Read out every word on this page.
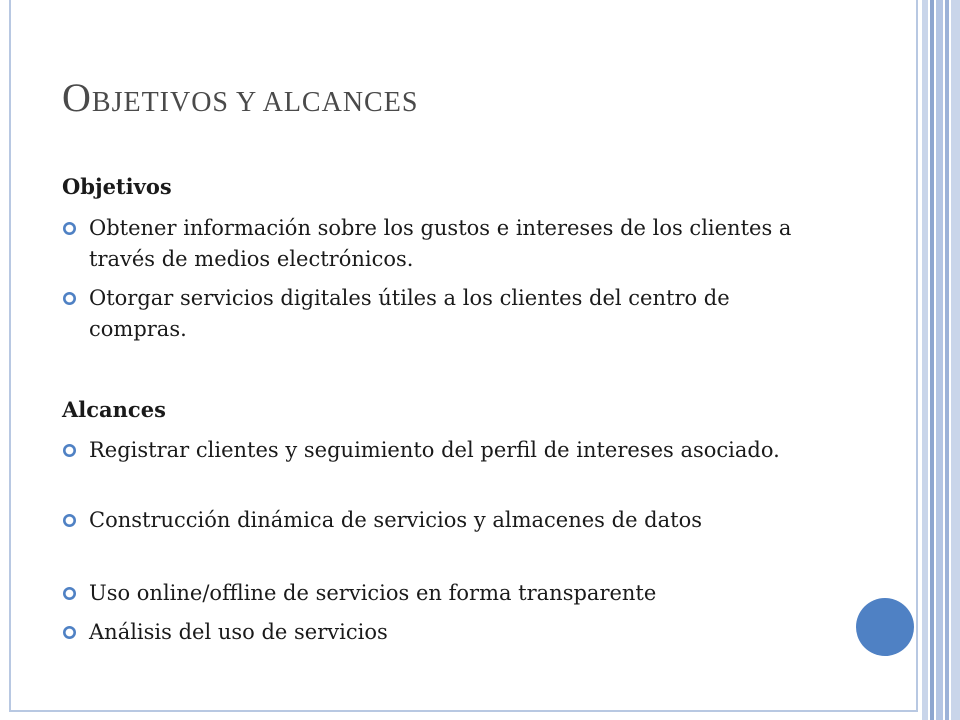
OBJETIVOS Y ALCANCES
Objetivos
Obtener información sobre los gustos e intereses de los clientes a través de medios electrónicos.
Otorgar servicios digitales útiles a los clientes del centro de compras.
Alcances
Registrar clientes y seguimiento del perfil de intereses asociado.
Construcción dinámica de servicios y almacenes de datos
Uso online/offline de servicios en forma transparente
Análisis del uso de servicios
